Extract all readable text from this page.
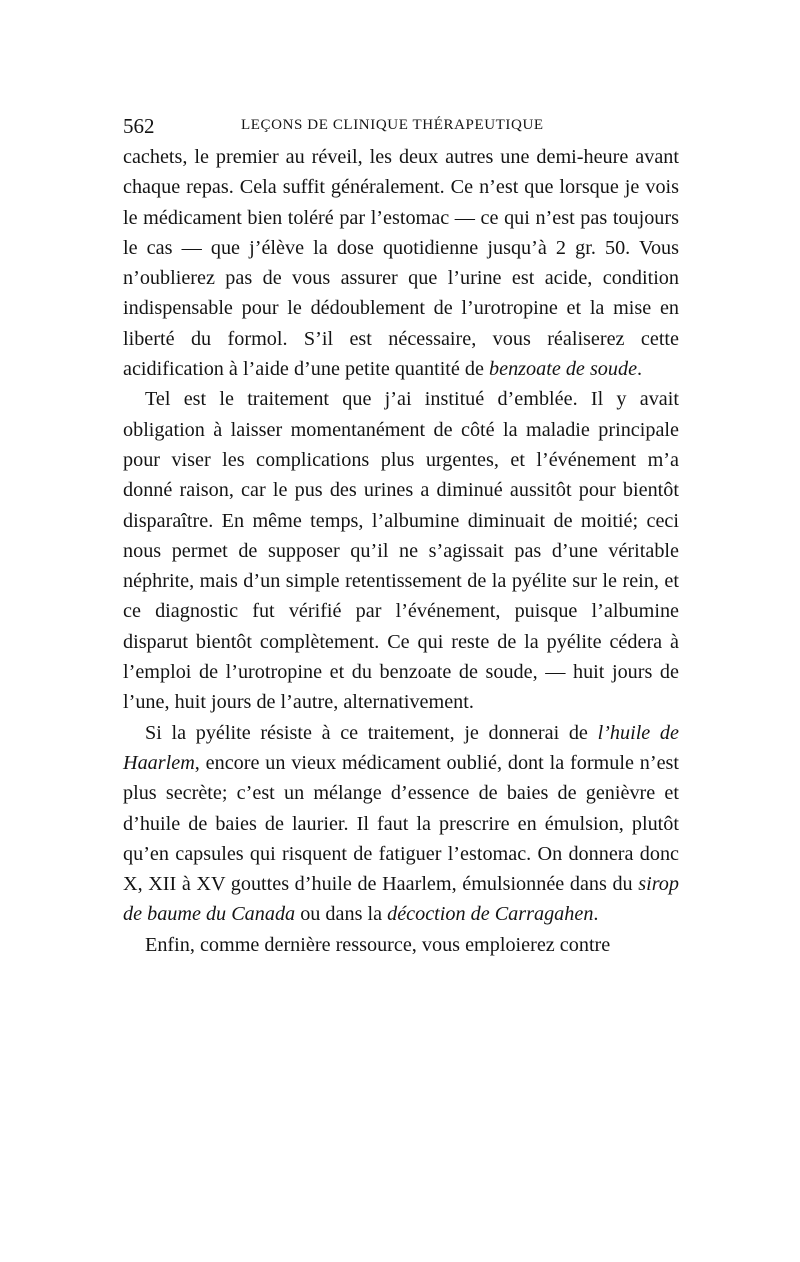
562	LEÇONS DE CLINIQUE THÉRAPEUTIQUE

cachets, le premier au réveil, les deux autres une demi-heure avant chaque repas. Cela suffit généralement. Ce n’est que lorsque je vois le médicament bien toléré par l’estomac — ce qui n’est pas toujours le cas — que j’élève la dose quotidienne jusqu’à 2 gr. 50. Vous n’oublierez pas de vous assurer que l’urine est acide, condition indispensable pour le dédoublement de l’urotropine et la mise en liberté du formol. S’il est nécessaire, vous réaliserez cette acidification à l’aide d’une petite quantité de benzoate de soude.

Tel est le traitement que j’ai institué d’emblée. Il y avait obligation à laisser momentanément de côté la maladie principale pour viser les complications plus urgentes, et l’événement m’a donné raison, car le pus des urines a diminué aussitôt pour bientôt disparaître. En même temps, l’albumine diminuait de moitié; ceci nous permet de supposer qu’il ne s’agissait pas d’une véritable néphrite, mais d’un simple retentissement de la pyélite sur le rein, et ce diagnostic fut vérifié par l’événement, puisque l’albumine disparut bientôt complètement. Ce qui reste de la pyélite cédera à l’emploi de l’urotropine et du benzoate de soude, — huit jours de l’une, huit jours de l’autre, alternativement.

Si la pyélite résiste à ce traitement, je donnerai de l’huile de Haarlem, encore un vieux médicament oublié, dont la formule n’est plus secrète; c’est un mélange d’essence de baies de genièvre et d’huile de baies de laurier. Il faut la prescrire en émulsion, plutôt qu’en capsules qui risquent de fatiguer l’estomac. On donnera donc X, XII à XV gouttes d’huile de Haarlem, émulsionnée dans du sirop de baume du Canada ou dans la décoction de Carragahen.

Enfin, comme dernière ressource, vous emploierez contre
